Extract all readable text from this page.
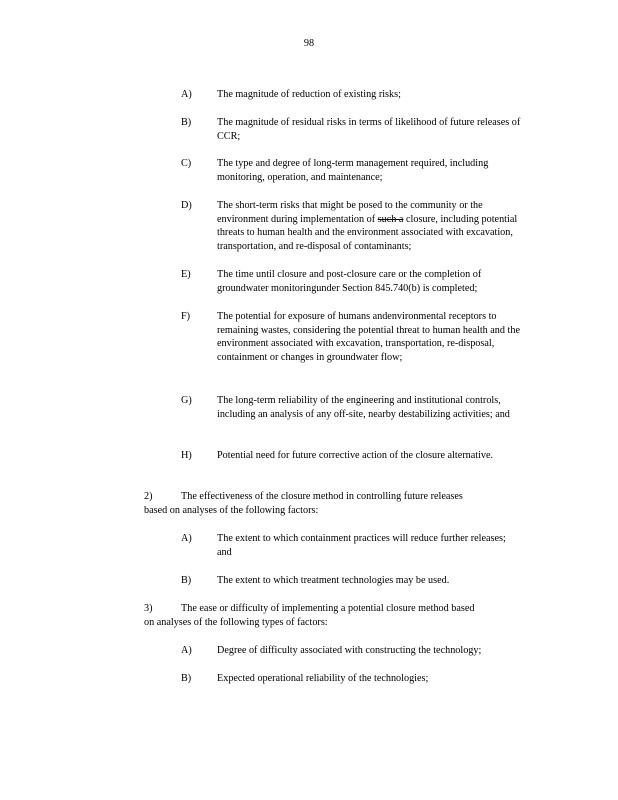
98
A) The magnitude of reduction of existing risks;
B)	The magnitude of residual risks in terms of likelihood of future releases of CCR;
C)	The type and degree of long-term management required, including monitoring, operation, and maintenance;
D) The short-term risks that might be posed to the community or the environment during implementation of such a closure, including potential threats to human health and the environment associated with excavation, transportation, and re-disposal of contaminants;
E)	The time until closure and post-closure care or the completion of groundwater monitoringunder Section 845.740(b) is completed;
F)	The potential for exposure of humans andenvironmental receptors to remaining wastes, considering the potential threat to human health and the environment associated with excavation, transportation, re-disposal, containment or changes in groundwater flow;
G) The long-term reliability of the engineering and institutional controls, including an analysis of any off-site, nearby destabilizing activities; and
H) Potential need for future corrective action of the closure alternative.
2)	The effectiveness of the closure method in controlling future releases
based on analyses of the following factors:
A) The extent to which containment practices will reduce further releases; and
B)	The extent to which treatment technologies may be used.
3)	The ease or difficulty of implementing a potential closure method based
on analyses of the following types of factors:
A) Degree of difficulty associated with constructing the technology;
B)	Expected operational reliability of the technologies;
